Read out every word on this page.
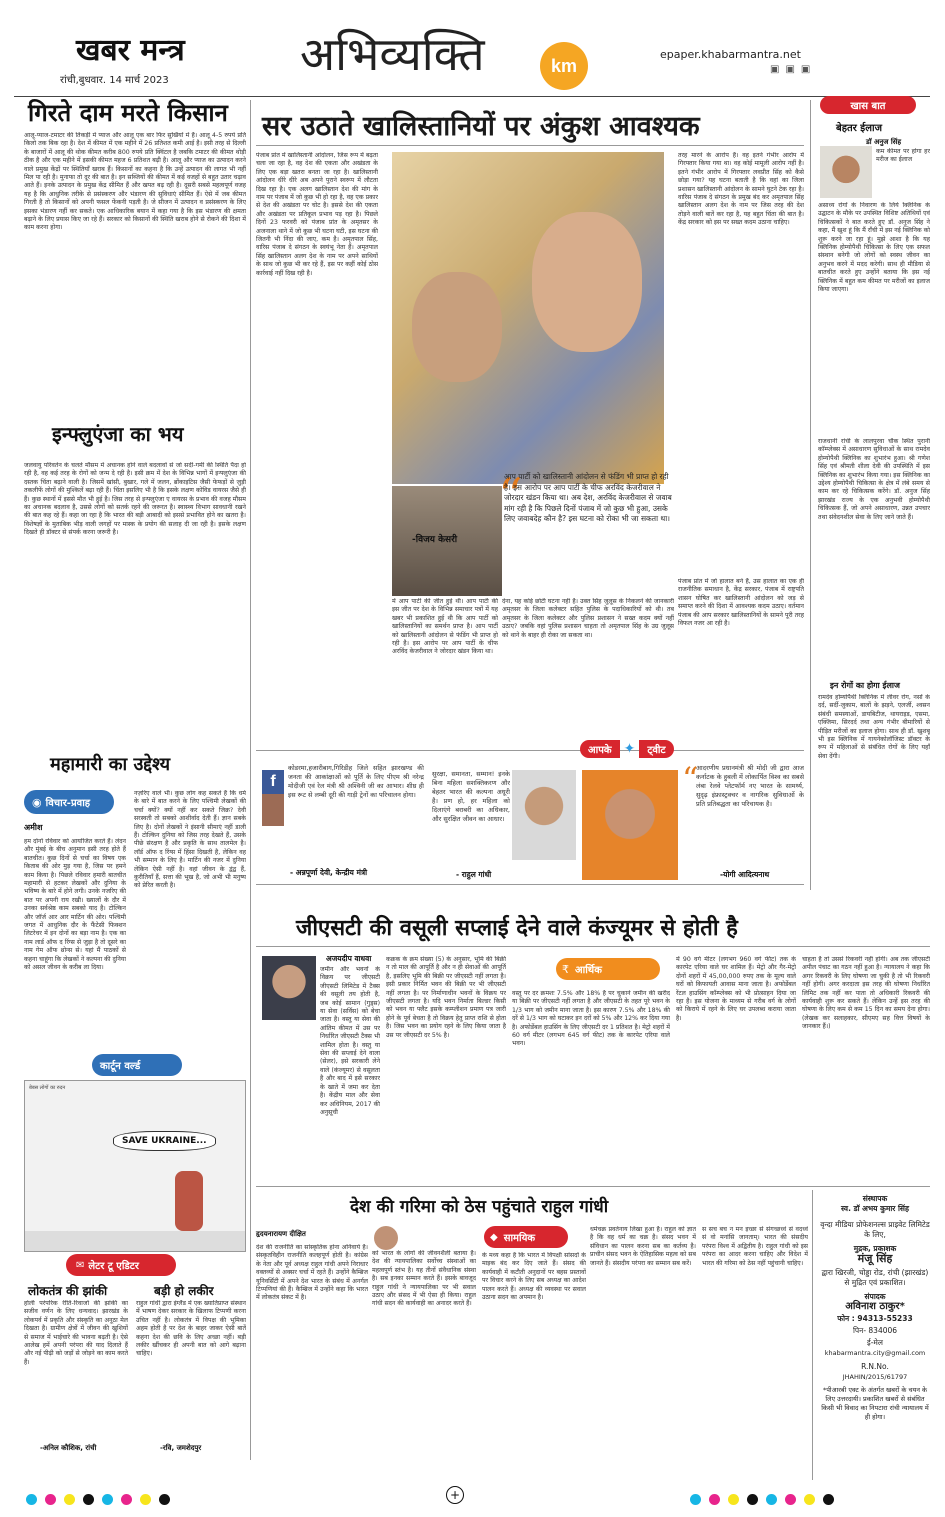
खबर मन्त्र
रांची,बुधवार. 14 मार्च 2023	अभिव्यक्ति	km
epaper.khabarmantra.net
▣▣▣
गिरते दाम मरते किसान
आलू-प्याज-टमाटर की तिकड़ी में प्याज और आलू एक बार फिर सुर्खियों में हैं। आलू 4-5 रुपये प्रति किलो तक बिक रहा है। देश में कीमत में एक महीने में 26 प्रतिशत कमी आई है। इसी तरह से दिल्ली के बाजारों में आलू की थोक कीमत करीब 800 रुपये प्रति क्विंटल है जबकि टमाटर की कीमत थोड़ी ठीक है और एक महीने में इसकी कीमत महज 6 प्रतिशत बढ़ी है। आलू और प्याज का उत्पादन करने वाले प्रमुख केंद्रों पर स्थितियाँ खराब हैं। किसानों का कहना है कि उन्हें उत्पादन की लागत भी नहीं मिल पा रही है। मुनाफा तो दूर की बात है। इन सब्जियों की कीमत में कई वजहों से बहुत उतार चढ़ाव आते हैं। इनके उत्पादन के प्रमुख केंद्र सीमित हैं और खपत बढ़ रही है। दूसरी सबसे महत्वपूर्ण वजह यह है कि आधुनिक तरीके से प्रसंस्करण और भंडारण की सुविधाएं सीमित हैं। ऐसे में जब कीमत गिरती है तो किसानों को अपनी फसल फेंकनी पड़ती है। जे सीजन में उत्पादन व प्रसंस्करण के लिए इसका भंडारण नहीं कर सकते। एक आधिकारिक बयान में कहा गया है कि इस भंडारण की क्षमता बढ़ाने के लिए प्रयास किए जा रहे हैं। सरकार को किसानों की स्थिति खराब होने से रोकने की दिशा में काम करना होगा।
इन्फ्लुएंजा का भय
जलवायु परिवर्तन के चलते मौसम में अचानक होने वाले बदलावों से जो सर्दी-गर्मी की स्थिति पैदा हो रही है, वह कई तरह के रोगों को जन्म दे रही है। इसी क्रम में देश के विभिन्न भागों में इन्फ्लुएंजा की दस्तक चिंता बढ़ाने वाली है। जिसमें खांसी, बुखार, गले में जलन, ब्रोंकाइटिस जैसी फेफड़ों से जुड़ी तकलीफें लोगों की मुश्किलें बढ़ा रही हैं। चिंता इसलिए भी है कि इसके लक्षण कोविड वायरस जैसे ही हैं। कुछ स्थानों में इससे मौत भी हुई है। जिस तरह से इन्फ्लुएंजा ए वायरस के प्रभाव की वजह मौसम का अचानक बदलाव है, उससे लोगों को सतर्क रहने की जरूरत है। स्वास्थ्य विभाग सावधानी रखने की बात कह रहे हैं। कहा जा रहा है कि भारत की बड़ी आबादी को इससे प्रभावित होने का खतरा है। विशेषज्ञों के मुताबिक भीड़ वाली जगहों पर मास्क के प्रयोग की सलाह दी जा रही है। इसके लक्षण दिखते ही डॉक्टर से संपर्क करना जरूरी है।
महामारी का उद्देश्य
◉ विचार-प्रवाह
अमीश
हम दोनों रविवार को आयोजित करते हैं। लंदन और मुंबई के बीच अनुमान इसी तरह होते हैं बातचीत। कुछ दिनों से चर्चा का विषय एक किताब की ओर मुड़ गया है, जिस पर हमने काम किया है। पिछले रविवार हमारी बातचीत महामारी से हटकर लेखकों और दुनिया के भविष्य के बारे में होने लगी। उनके नजरिए की बात पर अपनी राय रखी। ख्यालों के दौर में उनका सर्वश्रेष्ठ काम सबको याद है। टोल्किन और जॉर्ज आर आर मार्टिन की ओर। पश्चिमी जगत में आधुनिक दौर के फैंटेसी फिक्शन लिटरेचर में इन दोनों का बड़ा नाम है। एक का नाम लार्ड ऑफ द रिंग्स से जुड़ा है तो दूसरे का नाम गेम ऑफ थ्रोन्स से। यहां मैं पाठकों से कहना चाहूंगा कि लेखकों ने कल्पना की दुनिया को असल जीवन के करीब ला दिया।
नज़रिए वाले भी। कुछ लोग कह सकते हैं कि धर्म के बारे में बात करने के लिए पश्चिमी लेखकों की चर्चा क्यों? क्यों नहीं कर सकते जिक्र? देवी सरस्वती तो सबको आशीर्वाद देती हैं। ज्ञान सबके लिए है। दोनों लेखकों ने इंसानी सीमाएं नहीं डाली हैं। टोल्किन दुनिया को जिस तरह देखते हैं, उसके पीछे संरक्षण है और प्रकृति के साथ तालमेल है। लॉर्ड ऑफ द रिंग्स में हिंसा दिखती है, लेकिन वह भी सम्मान के लिए है। मार्टिन की नजर में दुनिया लेकिन ऐसी नहीं है। वहां जीवन के द्वंद्व हैं, कुरीतियाँ हैं, सत्ता की भूख है, जो अभी भी मनुष्य को प्रेरित करती है।
कार्टून वर्ल्ड
SAVE UKRAINE...
बेबस लोगों का रुदन
✉ लेटर टू एडिटर
लोकतंत्र की झांकी
होली परंपरिक रीति-रिवाजों की झांकी का सजीव वर्णन के लिए धन्यवाद। झारखंड के लोकपर्व में प्रकृति और संस्कृति का अनूठा मेल दिखता है। ग्रामीण क्षेत्रों में जीवन की खुशियों से समाज में भाईचारे की भावना बढ़ती है। ऐसे आलेख हमें अपनी परंपरा की याद दिलाते हैं और नई पीढ़ी को जड़ों से जोड़ने का काम करते हैं।
-अनिल कौशिक, रांची
बड़ी हो लकीर
राहुल गांधी द्वारा इंग्लैंड में एक ख्यातिप्राप्त संस्थान में भाषण देकर सरकार के खिलाफ टिप्पणी करना उचित नहीं है। लोकतंत्र में विपक्ष की भूमिका अहम होती है पर देश के बाहर जाकर ऐसी बातें कहना देश की छवि के लिए अच्छा नहीं। बड़ी लकीर खींचकर ही अपनी बात को आगे बढ़ाना चाहिए।
-रवि, जमशेदपुर
सर उठाते खालिस्तानियों पर अंकुश आवश्यक
पंजाब प्रांत में खालिस्तानी आंदोलन, जिस रूप में बढ़ता चला जा रहा है, वह देश की एकता और अखंडता के लिए एक बड़ा खतरा बनता जा रहा है। खालिस्तानी आंदोलन धीरे धीरे अब अपने पुराने स्वरूप में लौटता दिख रहा है। एक अलग खालिस्तान देश की मांग के नाम पर पंजाब में जो कुछ भी हो रहा है, वह एक प्रकार से देश की अखंडता पर चोट है। इससे देश की एकता और अखंडता पर प्रतिकूल प्रभाव पड़ रहा है। पिछले दिनों 23 फरवरी को पंजाब प्रांत के अमृतसर के अजनाला थाने में जो कुछ भी घटना घटी, इस घटना की जितनी भी निंदा की जाए, कम है। अमृतपाल सिंह, वारिस पंजाब दे संगठन के स्वयंभू नेता हैं। अमृतपाल सिंह खालिस्तान अलग देश के नाम पर अपने साथियों के साथ जो कुछ भी कर रहे हैं, इस पर कहीं कोई ठोस कार्रवाई नहीं दिख रही है।
-विजय केसरी
“
आप पार्टी को खालिस्तानी आंदोलन से फंडिंग भी प्राप्त हो रही है। इस आरोप पर आप पार्टी के चीफ अरविंद केजरीवाल ने जोरदार खंडन किया था। अब देश, अरविंद केजरीवाल से जवाब मांग रही है कि पिछले दिनों पंजाब में जो कुछ भी हुआ, उसके लिए जवाबदेह कौन है? इस घटना को रोका भी जा सकता था।
तरह मारने के आरोप हैं। वह इतने गंभीर आरोप में गिरफ्तार किया गया था। वह कोई मामूली आरोप नहीं है। इतने गंभीर आरोप में गिरफ्तार लवप्रीत सिंह को कैसे छोड़ा गया? यह घटना बताती है कि वहां का जिला प्रशासन खालिस्तानी आंदोलन के सामने घुटने टेक रहा है। वारिस पंजाब दे संगठन के प्रमुख बंद कर अमृतपाल सिंह खालिस्तान अलग देश के नाम पर जिस तरह की देश तोड़ने वाली बातें कर रहा है, यह बहुत चिंता की बात है। केंद्र सरकार को इस पर सख्त कदम उठाना चाहिए।
देना, यह कोई छोटी घटना नहीं है। उक्त सिंह जुलूस के निकलने की जानकारी अमृतसर के जिला कलेक्टर सहित पुलिस के पदाधिकारियों को थी। तब अमृतसर के जिला कलेक्टर और पुलिस प्रशासन ने सख्त कदम क्यों नहीं उठाए? जबकि वहां पुलिस प्रशासन चाहता तो अमृतपाल सिंह के उग्र जुलूस को थाने के बाहर ही रोका जा सकता था।
में आप पार्टी की जीत हुई थी। आप पार्टी की इस जीत पर देश के विभिन्न समाचार पत्रों में यह खबर भी प्रकाशित हुई थी कि आप पार्टी को खालिस्तानियों का समर्थन प्राप्त है। आप पार्टी को खालिस्तानी आंदोलन से फंडिंग भी प्राप्त हो रही है। इस आरोप पर आप पार्टी के चीफ अरविंद केजरीवाल ने जोरदार खंडन किया था।
पंजाब प्रांत में जो हालात बने हैं, उस हालात का एक ही राजनीतिक समाधान है, केंद्र सरकार, पंजाब में राष्ट्रपति शासन घोषित कर खालिस्तानी आंदोलन को जड़ से समाप्त करने की दिशा में आवश्यक कदम उठाए। वर्तमान पंजाब की आप सरकार खालिस्तानियों के सामने पूरी तरह विफल नजर आ रही है।
आपके ✦	ट्वीट
f
कोडरमा,हजारीबाग,गिरिडीह जिले सहित झारखण्ड की जनता की आकांक्षाओं को पूर्ति के लिए पीएम श्री नरेन्द्र मोदीजी एवं रेल मंत्री श्री अश्विनी जी का आभार। शीघ्र ही इस रूट से लम्बी दूरी की गाड़ी ट्रेनों का परिचालन होगा।
- अन्नपूर्णा देवी, केन्द्रीय मंत्री
सुरक्षा, समानता, सम्मान! इनके बिना महिला सशक्तिकरण और बेहतर भारत की कल्पना अधूरी है। प्रण हो, हर महिला को दिलाएंगे बराबरी का अधिकार, और सुरक्षित जीवन का आधार।
- राहुल गांधी
“
आदरणीय प्रधानमंत्री श्री मोदी जी द्वारा आज कर्नाटक के हुबली में लोकार्पित विश्व का सबसे लंबा रेलवे प्लेटफॉर्म नए भारत के सामर्थ्य, सुदृढ़ इंफ्रास्ट्रक्चर व नागरिक सुविधाओं के प्रति प्रतिबद्धता का परिचायक है।
-योगी आदित्यनाथ
खास बात
बेहतर ईलाज
डॉ अनुज सिंह
कम कीमत पर होगा हर मरीज का ईलाज
असाध्य रोगों के निवारण के लिये क्लिनिक के उद्घाटन के मौके पर उपस्थित विशिष्ट अतिथियों एवं चिकित्सकों ने बात करते हुए डॉ. अनुज सिंह ने कहा, मैं खुश हूं कि मैं राँची में इस नई क्लिनिक को शुरू करने जा रहा हूं। मुझे आशा है कि यह क्लिनिक होम्योपैथी चिकित्सा के लिए एक सफल संस्थान बनेगी जो लोगों को स्वस्थ जीवन का अनुभव करने में मदद करेगी। साथ ही मीडिया से बातचीत करते हुए उन्होंने बताया कि इस नई क्लिनिक में बहुत कम कीमत पर मरीजों का इलाज किया जाएगा।
राजधानी रांची के लालपुरवा चौक स्थित पुरानी काॅम्प्लेक्स में असाधारण सुविधाओं के साथ रामदेव होम्योपैथी क्लिनिक का शुभारंभ हुआ। श्री गणेश सिंह एवं श्रीमती शीला देवी की उपस्थिति में इस क्लिनिक का शुभारंभ किया गया। इस क्लिनिक का उद्देश्य होम्योपैथी चिकित्सा के क्षेत्र में लंबे समय से काम कर रहे चिकित्सक करेंगे। डॉ. अनुज सिंह झारखंड राज्य के एक अनुभवी होम्योपैथी चिकित्सक हैं, जो अपने असाधारण, उन्नत उपचार तथा संवेदनशील सेवा के लिए जाने जाते हैं।
इन रोगों का होगा ईलाज
रामदेव होम्योपैथी क्लिनिक में लीवर रोग, नसों के दर्द, सर्दी-जुकाम, बालों के झड़ने, एलर्जी, श्वसन संबंधी समस्याओं, डायबिटीज, थायराइड, एसमा, एक्जिमा, सिरदर्द तथा अन्य गंभीर बीमारियों से पीड़ित मरीजों का इलाज होगा। साथ ही डॉ. खुशबू भी इस क्लिनिक में गायनेकोलॉजिस्ट डॉक्टर के रूप में महिलाओं से संबंधित रोगों के लिए यहाँ सेवा देंगी।
जीएसटी की वसूली सप्लाई देने वाले कंज्यूमर से होती है
अजयदीप वाधवा
जमीन और भवनों के विक्रय पर जीएसटी जीएसटी लिमिटेड में टैक्स की वसूली तय होती है, जब कोई सामान (गुड्स) या सेवा (सर्विस) को बेचा जाता है। वस्तु या सेवा की आंतिम कीमत में उस पर निर्धारित जीएसटी टैक्स भी शामिल होता है। वस्तु या सेवा की सप्लाई देने वाला (सेलर), इसे सरकारी लेने वाले (कंज्यूमर) से वसूलता है और बाद में इसे सरकार के खाते में जमा कर देता है। केंद्रीय माल और सेवा कर अधिनियम, 2017 की अनुसूची
कक्रक के क्रम संख्या (5) के अनुसार, भूमि की बिक्री न तो माल की आपूर्ति है और न ही सेवाओं की आपूर्ति है, इसलिए भूमि की बिक्री पर जीएसटी नहीं लगता है। इसी प्रकार निर्मित भवन की बिक्री पर भी जीएसटी नहीं लगता है। पर निर्माणाधीन भवनों के विक्रय पर जीएसटी लगता है। यदि भवन निर्माता बिल्डर किसी को भवन या फ्लैट इसके कम्प्लीशन प्रमाण पत्र जारी होने के पूर्व बेचता है तो विक्रय हेतु प्राप्त राशि से होता है। जिस भवन का प्रयोग रहने के लिए किया जाता है उस पर जीएसटी दर 5% है।
₹ आर्थिक
वस्तु पर दर क्रमशः 7.5% और 18% है पर चुकाने जमीन की खरीद या बिक्री पर जीएसटी नहीं लगता है और जीएसटी के तहत पूरे भवन के 1/3 भाग को जमीन माना जाता है। इस कारण 7.5% और 18% की दरें से 1/3 भाग को घटाकर इन दरों को 5% और 12% कर दिया गया है। अफोर्डेबल हाउसिंग के लिए जीएसटी दर 1 प्रतिशत है। मेट्रो शहरों में 60 वर्ग मीटर (लगभग 645 वर्ग फीट) तक के कारपेट एरिया वाले भवन।
में 90 वर्ग मीटर (लगभग 960 वर्ग फीट) तक के कारपेट एरिया वाले घर शामिल हैं। मेट्रो और गैर-मेट्रो दोनों शहरों में 45,00,000 रुपए तक के मूल्य वाले घरों को किफायती आवास माना जाता है। अफोर्डेबल रेंटल हाउसिंग कॉम्प्लेक्स को भी प्रोत्साहन दिया जा रहा है। इस योजना के माध्यम से गरीब वर्ग के लोगों को किराये में रहने के लिए घर उपलब्ध कराया जाता है।
चाहता है तो उससे रिकवरी नहीं होगी। अब तक जीएसटी अपील पंचाट का गठन नहीं हुआ है। न्यायालय ने कहा कि अगर रिकवरी के लिए घोषणा जा चुकी है तो भी रिकवरी नहीं होगी। अगर करदाता इस तरह की घोषणा निर्धारित लिमिट तक नहीं कर पाता तो अधिकारी रिकवरी की कार्यवाही शुरू कर सकते हैं। लेकिन उन्हें इस तरह की घोषणा के लिए कम से कम 15 दिन का समय देना होगा। (लेखक कर सलाहकार, सीएमए सह वित्त विषयों के जानकार हैं।)
देश की गरिमा को ठेस पहुंचाते राहुल गांधी
हृदयनारायण दीक्षित
देश की राजनीति का सांस्कृतिक होना अनिवार्य है। संस्कृतविहीन राजनीति कलहपूर्ण होती है। कांग्रेस के नेता और पूर्व अध्यक्ष राहुल गांधी अपने निराधार वक्तव्यों से अक्सर चर्चा में रहते हैं। उन्होंने कैम्ब्रिज यूनिवर्सिटी में अपने देश भारत के संबंध में अनर्गल टिप्पणियां की हैं। कैम्ब्रिज में उन्होंने कहा कि भारत में लोकतंत्र संकट में है।
को भारत के लोगों की जीवनशैली बताया है। देश की न्यायपालिका सर्वोच्च संस्थाओं का महत्वपूर्ण स्तंभ है। यह तीनों संवैधानिक संस्था है। सब इनका सम्मान करते हैं। इसके बावजूद राहुल गांधी ने न्यायपालिका पर भी सवाल उठाए और संसद में भी ऐसा ही किया। राहुल गांधी सदन की कार्यवाही का अनादर करते हैं।
◆ सामयिक
के मध्य कहा है कि भारत में विपक्षी सांसदों के माइक बंद कर दिए जाते हैं। संसद की कार्यवाही में कटौती अनुदानों पर बहस प्रस्तावों पर विचार करने के लिए सब अध्यक्ष का आदेश पालन करते हैं। अध्यक्ष की व्यवस्था पर सवाल उठाना सदन का अपमान है।
धर्मचक्र प्रवर्तनाय लिखा हुआ है। राहुल को ज्ञात है कि वह धर्म का चक्र है। संसद भवन में संविधान का पालन करना सब का कर्तव्य है। प्राचीन संसद भवन के ऐतिहासिक महत्व को सब जानते हैं। संसदीय परंपरा का सम्मान सब करें।
स सच बच न मन इच्छा से संगच्छध्वं सं वदध्वं सं वो मनांसि जानताम्। भारत की संसदीय परंपरा विश्व में अद्वितीय है। राहुल गांधी को इस परंपरा का आदर करना चाहिए और विदेश में भारत की गरिमा को ठेस नहीं पहुंचानी चाहिए।
संस्थापक
स्व. डॉ अभय कुमार सिंह
वृन्दा मीडिया प्रोफेशनल्स प्राइवेट लिमिटेड के लिए,
मुद्रक, प्रकाशक
मंजू सिंह
द्वारा खिरजी, चोड्डा रोड, रांची (झारखंड) से मुद्रित एवं प्रकाशित।
संपादक
अविनाश ठाकुर*
फोन : 94313-55233
पिन- 834006
ई-मेल
khabarmantra.city@gmail.com
R.N.No.
JHAHIN/2015/61797
*पीआरबी एक्ट के अंतर्गत खबरों के चयन के लिए उत्तरदायी। प्रकाशित खबरों से संबंधित किसी भी विवाद का निपटारा रांची न्यायालय में ही होगा।
+
